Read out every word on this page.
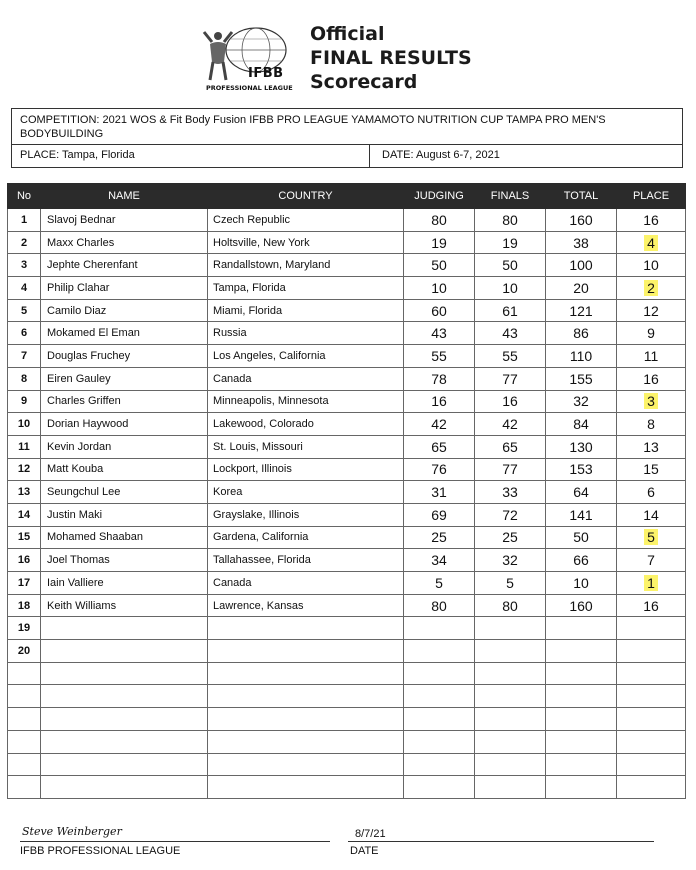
IFBB
PROFESSIONAL LEAGUE
Official
FINAL RESULTS
Scorecard
COMPETITION: 2021 WOS & Fit Body Fusion IFBB PRO LEAGUE YAMAMOTO NUTRITION CUP TAMPA PRO MEN'S BODYBUILDING
PLACE: Tampa, Florida	DATE: August 6-7, 2021
No	NAME	COUNTRY	JUDGING	FINALS	TOTAL	PLACE
1	Slavoj Bednar	Czech Republic	80	80	160	16
2	Maxx Charles	Holtsville, New York	19	19	38	4
3	Jephte Cherenfant	Randallstown, Maryland	50	50	100	10
4	Philip Clahar	Tampa, Florida	10	10	20	2
5	Camilo Diaz	Miami, Florida	60	61	121	12
6	Mokamed El Eman	Russia	43	43	86	9
7	Douglas Fruchey	Los Angeles, California	55	55	110	11
8	Eiren Gauley	Canada	78	77	155	16
9	Charles Griffen	Minneapolis, Minnesota	16	16	32	3
10	Dorian Haywood	Lakewood, Colorado	42	42	84	8
11	Kevin Jordan	St. Louis, Missouri	65	65	130	13
12	Matt Kouba	Lockport, Illinois	76	77	153	15
13	Seungchul Lee	Korea	31	33	64	6
14	Justin Maki	Grayslake, Illinois	69	72	141	14
15	Mohamed Shaaban	Gardena, California	25	25	50	5
16	Joel Thomas	Tallahassee, Florida	34	32	66	7
17	Iain Valliere	Canada	5	5	10	1
18	Keith Williams	Lawrence, Kansas	80	80	160	16
19						
20						

Steve Weinberger
IFBB PROFESSIONAL LEAGUE
8/7/21
DATE
